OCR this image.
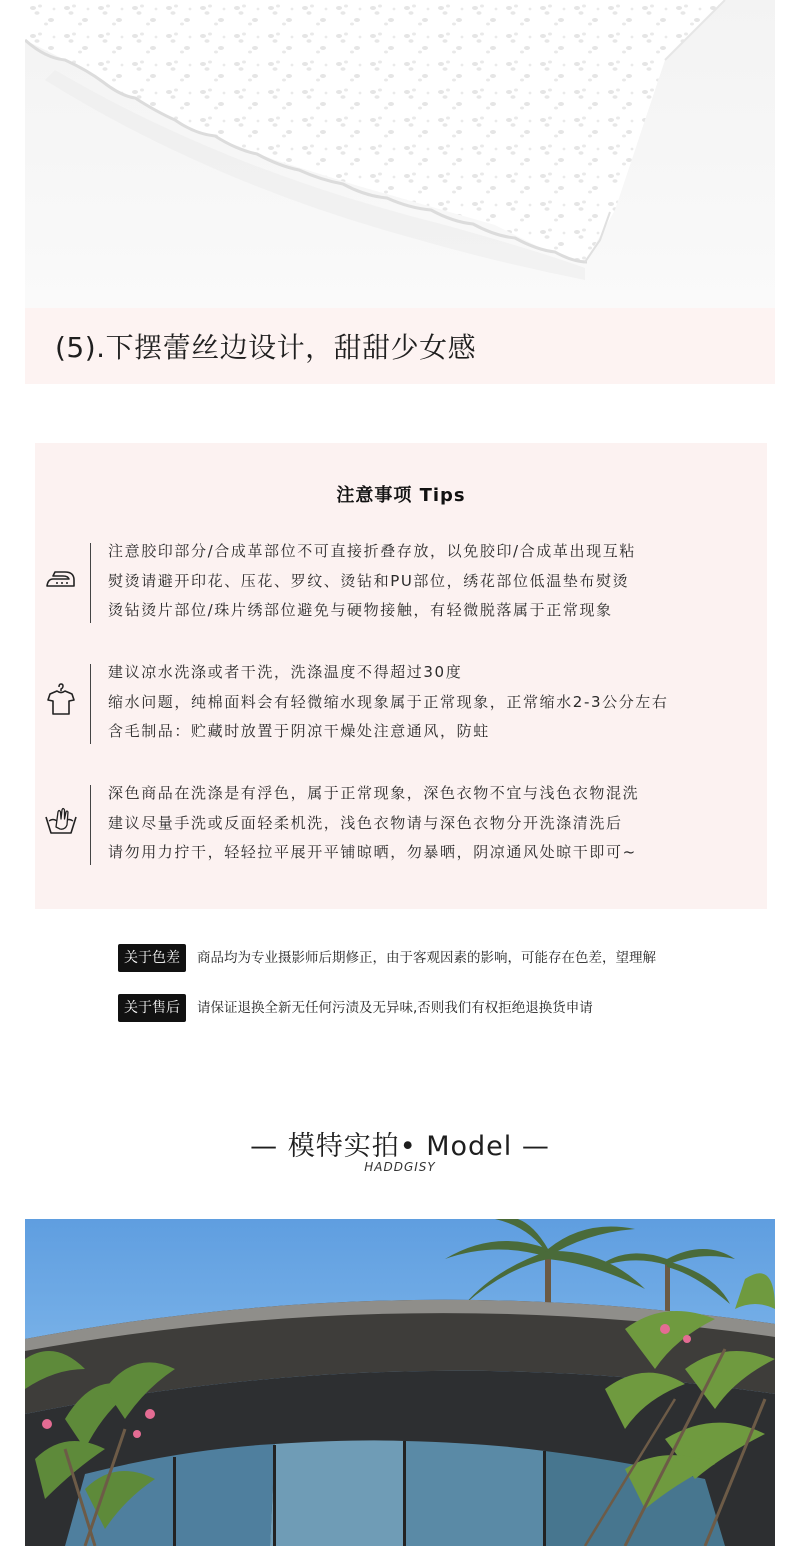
(5).下摆蕾丝边设计，甜甜少女感
注意事项 Tips
注意胶印部分/合成革部位不可直接折叠存放，以免胶印/合成革出现互粘
熨烫请避开印花、压花、罗纹、烫钻和PU部位，绣花部位低温垫布熨烫
烫钻烫片部位/珠片绣部位避免与硬物接触，有轻微脱落属于正常现象
建议凉水洗涤或者干洗，洗涤温度不得超过30度
缩水问题，纯棉面料会有轻微缩水现象属于正常现象，正常缩水2-3公分左右
含毛制品：贮藏时放置于阴凉干燥处注意通风，防蛀
深色商品在洗涤是有浮色，属于正常现象，深色衣物不宜与浅色衣物混洗
建议尽量手洗或反面轻柔机洗，浅色衣物请与深色衣物分开洗涤清洗后
请勿用力拧干，轻轻拉平展开平铺晾晒，勿暴晒，阴凉通风处晾干即可~
关于色差	商品均为专业摄影师后期修正，由于客观因素的影响，可能存在色差，望理解
关于售后	请保证退换全新无任何污渍及无异味,否则我们有权拒绝退换货申请
— 模特实拍• Model —
HADDGISY
